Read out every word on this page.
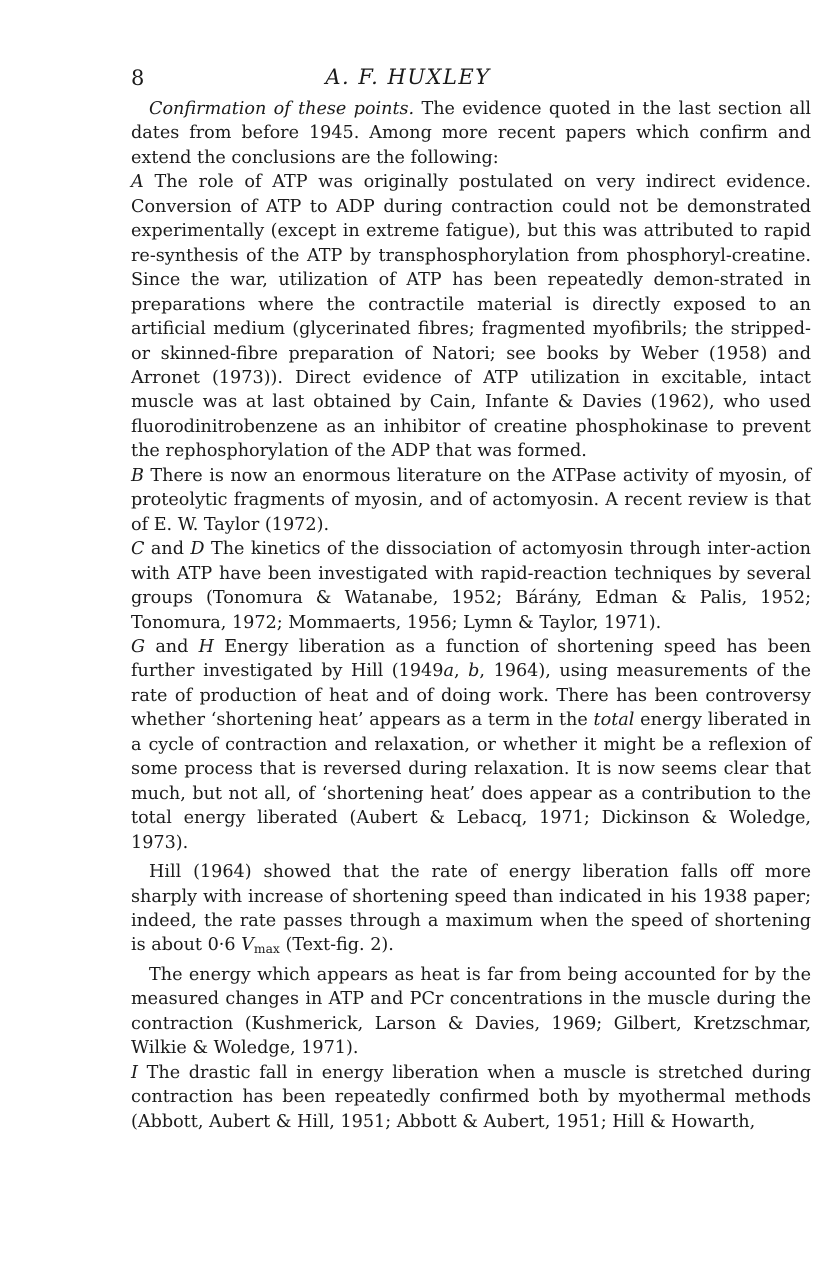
8	A. F. HUXLEY

Confirmation of these points. The evidence quoted in the last section all dates from before 1945. Among more recent papers which confirm and extend the conclusions are the following:

A The role of ATP was originally postulated on very indirect evidence. Conversion of ATP to ADP during contraction could not be demonstrated experimentally (except in extreme fatigue), but this was attributed to rapid re-synthesis of the ATP by transphosphorylation from phosphoryl-creatine. Since the war, utilization of ATP has been repeatedly demon-strated in preparations where the contractile material is directly exposed to an artificial medium (glycerinated fibres; fragmented myofibrils; the stripped- or skinned-fibre preparation of Natori; see books by Weber (1958) and Arronet (1973)). Direct evidence of ATP utilization in excitable, intact muscle was at last obtained by Cain, Infante & Davies (1962), who used fluorodinitrobenzene as an inhibitor of creatine phosphokinase to prevent the rephosphorylation of the ADP that was formed.

B There is now an enormous literature on the ATPase activity of myosin, of proteolytic fragments of myosin, and of actomyosin. A recent review is that of E. W. Taylor (1972).

C and D The kinetics of the dissociation of actomyosin through inter-action with ATP have been investigated with rapid-reaction techniques by several groups (Tonomura & Watanabe, 1952; Bárány, Edman & Palis, 1952; Tonomura, 1972; Mommaerts, 1956; Lymn & Taylor, 1971).

G and H Energy liberation as a function of shortening speed has been further investigated by Hill (1949a, b, 1964), using measurements of the rate of production of heat and of doing work. There has been controversy whether ‘shortening heat’ appears as a term in the total energy liberated in a cycle of contraction and relaxation, or whether it might be a reflexion of some process that is reversed during relaxation. It is now seems clear that much, but not all, of ‘shortening heat’ does appear as a contribution to the total energy liberated (Aubert & Lebacq, 1971; Dickinson & Woledge, 1973).

Hill (1964) showed that the rate of energy liberation falls off more sharply with increase of shortening speed than indicated in his 1938 paper; indeed, the rate passes through a maximum when the speed of shortening is about 0·6 $V_{max}$ (Text-fig. 2).

The energy which appears as heat is far from being accounted for by the measured changes in ATP and PCr concentrations in the muscle during the contraction (Kushmerick, Larson & Davies, 1969; Gilbert, Kretzschmar, Wilkie & Woledge, 1971).

I The drastic fall in energy liberation when a muscle is stretched during contraction has been repeatedly confirmed both by myothermal methods (Abbott, Aubert & Hill, 1951; Abbott & Aubert, 1951; Hill & Howarth,
